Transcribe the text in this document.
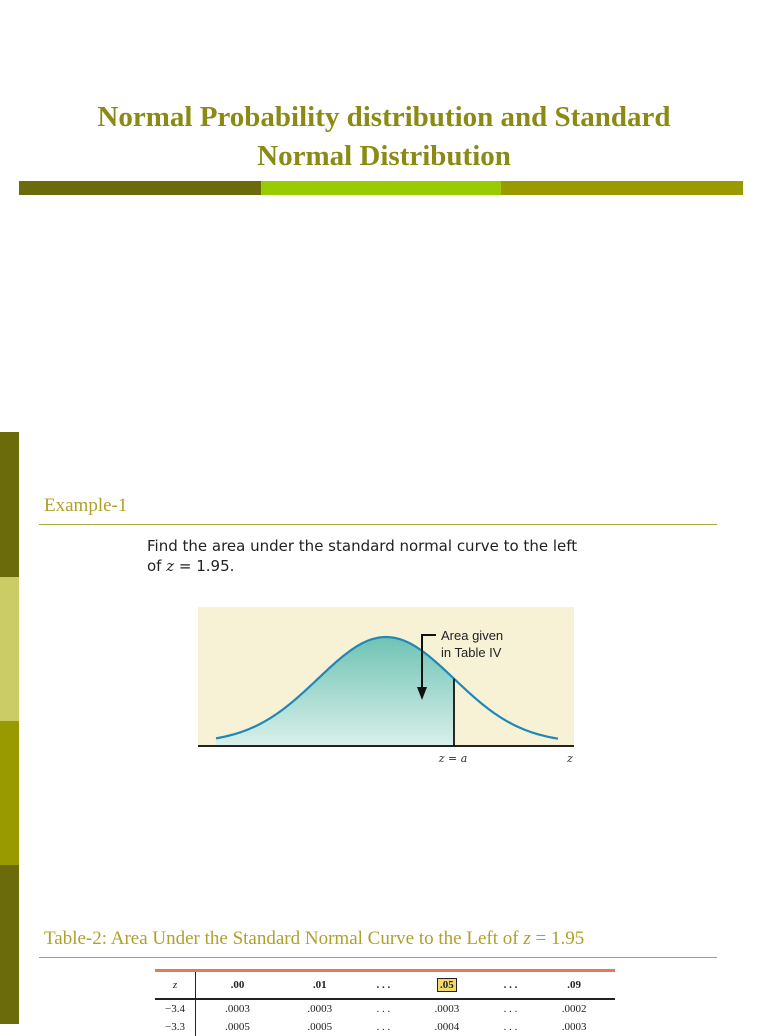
Normal Probability distribution and Standard
Normal Distribution
Example-1
Find the area under the standard normal curve to the left
of z = 1.95.
Area given
in Table IV
z = a	z
Table-2: Area Under the Standard Normal Curve to the Left of z = 1.95
z	.00	.01	. . .	.05	. . .	.09
−3.4	.0003	.0003	. . .	.0003	. . .	.0002
−3.3	.0005	.0005	. . .	.0004	. . .	.0003
